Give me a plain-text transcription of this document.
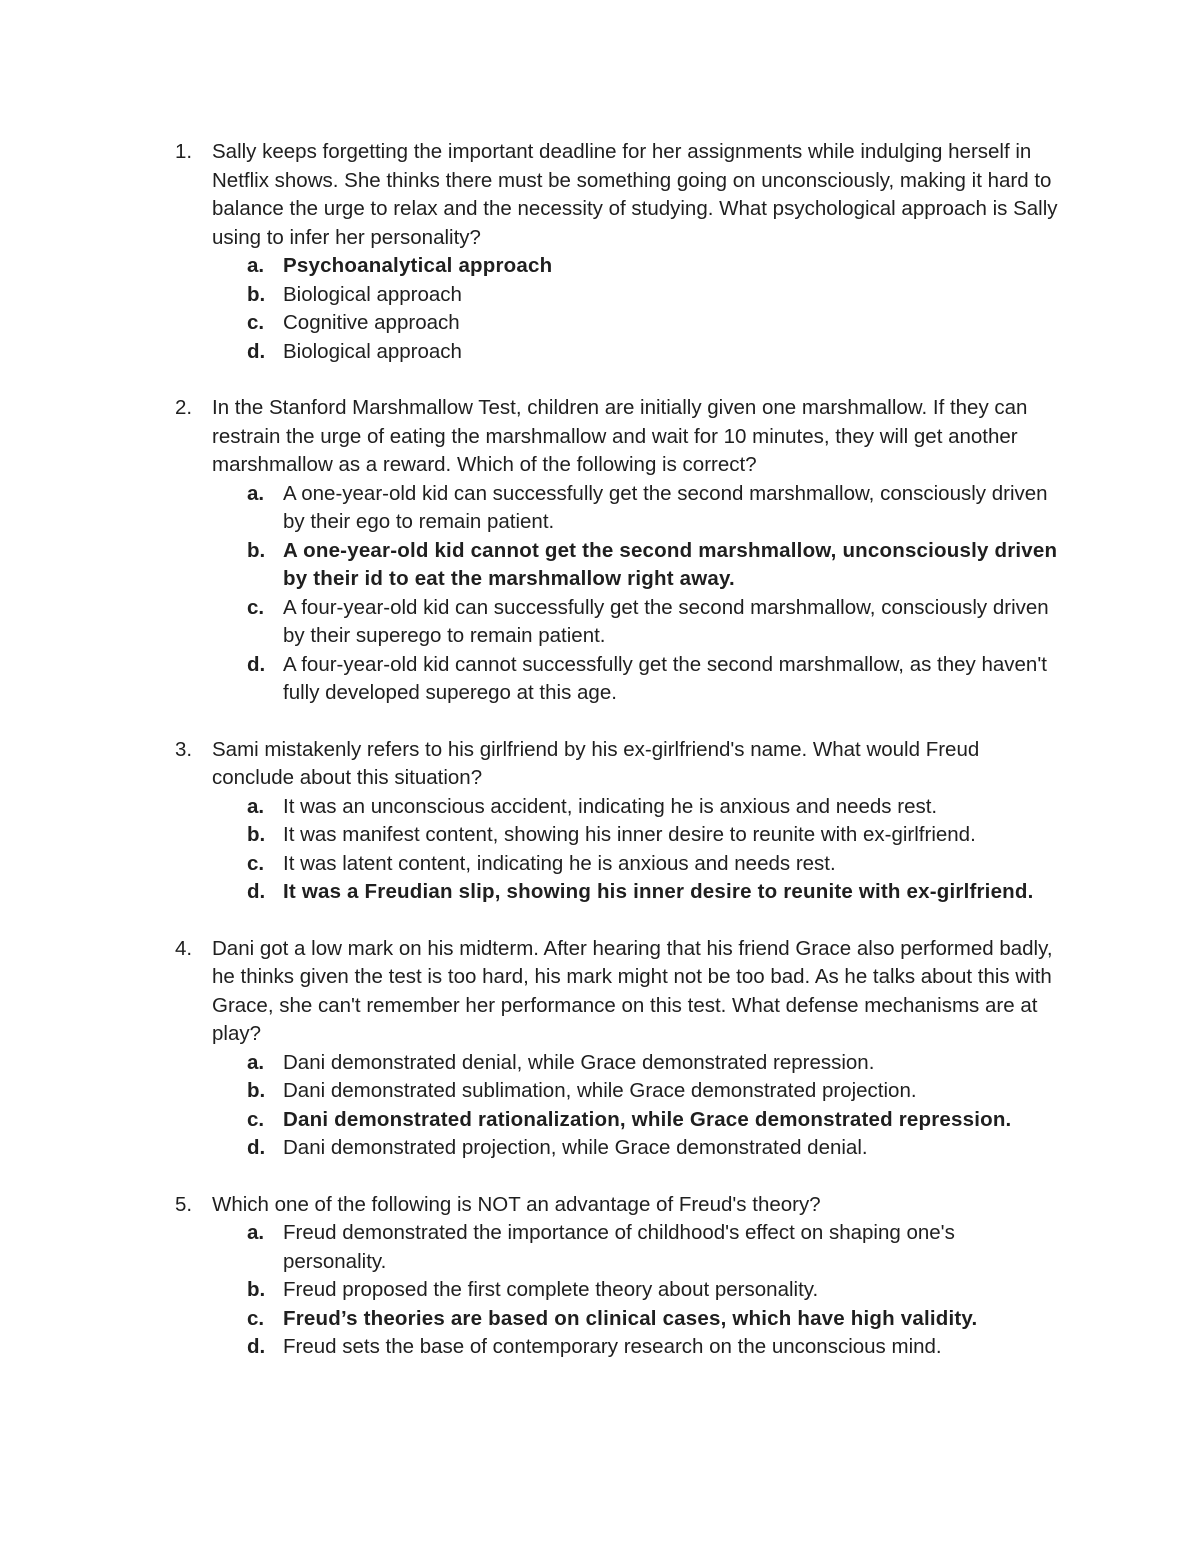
1. Sally keeps forgetting the important deadline for her assignments while indulging herself in Netflix shows. She thinks there must be something going on unconsciously, making it hard to balance the urge to relax and the necessity of studying. What psychological approach is Sally using to infer her personality?
a. Psychoanalytical approach
b. Biological approach
c. Cognitive approach
d. Biological approach
2. In the Stanford Marshmallow Test, children are initially given one marshmallow. If they can restrain the urge of eating the marshmallow and wait for 10 minutes, they will get another marshmallow as a reward. Which of the following is correct?
a. A one-year-old kid can successfully get the second marshmallow, consciously driven by their ego to remain patient.
b. A one-year-old kid cannot get the second marshmallow, unconsciously driven by their id to eat the marshmallow right away.
c. A four-year-old kid can successfully get the second marshmallow, consciously driven by their superego to remain patient.
d. A four-year-old kid cannot successfully get the second marshmallow, as they haven't fully developed superego at this age.
3. Sami mistakenly refers to his girlfriend by his ex-girlfriend's name. What would Freud conclude about this situation?
a. It was an unconscious accident, indicating he is anxious and needs rest.
b. It was manifest content, showing his inner desire to reunite with ex-girlfriend.
c. It was latent content, indicating he is anxious and needs rest.
d. It was a Freudian slip, showing his inner desire to reunite with ex-girlfriend.
4. Dani got a low mark on his midterm. After hearing that his friend Grace also performed badly, he thinks given the test is too hard, his mark might not be too bad. As he talks about this with Grace, she can't remember her performance on this test. What defense mechanisms are at play?
a. Dani demonstrated denial, while Grace demonstrated repression.
b. Dani demonstrated sublimation, while Grace demonstrated projection.
c. Dani demonstrated rationalization, while Grace demonstrated repression.
d. Dani demonstrated projection, while Grace demonstrated denial.
5. Which one of the following is NOT an advantage of Freud's theory?
a. Freud demonstrated the importance of childhood's effect on shaping one's personality.
b. Freud proposed the first complete theory about personality.
c. Freud’s theories are based on clinical cases, which have high validity.
d. Freud sets the base of contemporary research on the unconscious mind.
